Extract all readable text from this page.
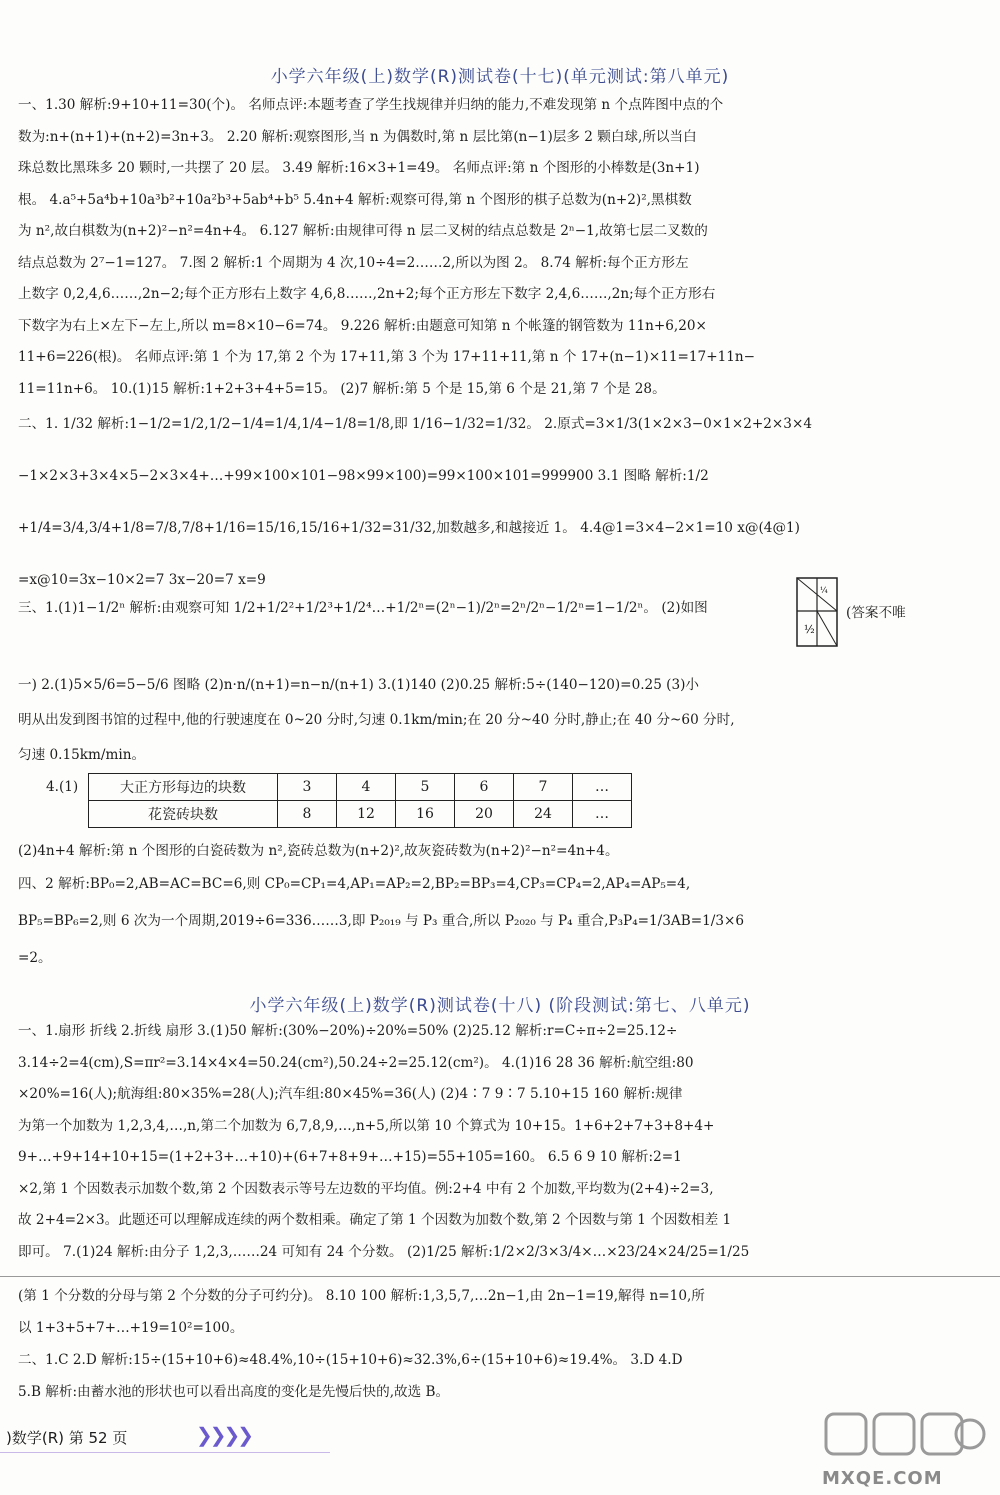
小学六年级(上)数学(R)测试卷(十七)(单元测试:第八单元)
一、1.30 解析:9+10+11=30(个)。 名师点评:本题考查了学生找规律并归纳的能力,不难发现第 n 个点阵图中点的个
数为:n+(n+1)+(n+2)=3n+3。 2.20 解析:观察图形,当 n 为偶数时,第 n 层比第(n−1)层多 2 颗白球,所以当白
珠总数比黑珠多 20 颗时,一共摆了 20 层。 3.49 解析:16×3+1=49。 名师点评:第 n 个图形的小棒数是(3n+1)
根。 4.a⁵+5a⁴b+10a³b²+10a²b³+5ab⁴+b⁵ 5.4n+4 解析:观察可得,第 n 个图形的棋子总数为(n+2)²,黑棋数
为 n²,故白棋数为(n+2)²−n²=4n+4。 6.127 解析:由规律可得 n 层二叉树的结点总数是 2ⁿ−1,故第七层二叉数的
结点总数为 2⁷−1=127。 7.图 2 解析:1 个周期为 4 次,10÷4=2……2,所以为图 2。 8.74 解析:每个正方形左
上数字 0,2,4,6……,2n−2;每个正方形右上数字 4,6,8……,2n+2;每个正方形左下数字 2,4,6……,2n;每个正方形右
下数字为右上×左下−左上,所以 m=8×10−6=74。 9.226 解析:由题意可知第 n 个帐篷的钢管数为 11n+6,20×
11+6=226(根)。 名师点评:第 1 个为 17,第 2 个为 17+11,第 3 个为 17+11+11,第 n 个 17+(n−1)×11=17+11n−
11=11n+6。 10.(1)15 解析:1+2+3+4+5=15。 (2)7 解析:第 5 个是 15,第 6 个是 21,第 7 个是 28。
二、1. 1/32 解析:1−1/2=1/2,1/2−1/4=1/4,1/4−1/8=1/8,即 1/16−1/32=1/32。 2.原式=3×1/3(1×2×3−0×1×2+2×3×4
−1×2×3+3×4×5−2×3×4+…+99×100×101−98×99×100)=99×100×101=999900 3.1 图略 解析:1/2
+1/4=3/4,3/4+1/8=7/8,7/8+1/16=15/16,15/16+1/32=31/32,加数越多,和越接近 1。 4.4@1=3×4−2×1=10 x@(4@1)
=x@10=3x−10×2=7 3x−20=7 x=9
三、1.(1)1−1/2ⁿ 解析:由观察可知 1/2+1/2²+1/2³+1/2⁴…+1/2ⁿ=(2ⁿ−1)/2ⁿ=2ⁿ/2ⁿ−1/2ⁿ=1−1/2ⁿ。 (2)如图
½
¼
(答案不唯
一) 2.(1)5×5/6=5−5/6 图略 (2)n·n/(n+1)=n−n/(n+1) 3.(1)140 (2)0.25 解析:5÷(140−120)=0.25 (3)小
明从出发到图书馆的过程中,他的行驶速度在 0~20 分时,匀速 0.1km/min;在 20 分~40 分时,静止;在 40 分~60 分时,
匀速 0.15km/min。
4.(1)	大正方形每边的块数	3	4	5	6	7	…
花瓷砖块数	8	12	16	20	24	…
(2)4n+4 解析:第 n 个图形的白瓷砖数为 n²,瓷砖总数为(n+2)²,故灰瓷砖数为(n+2)²−n²=4n+4。
四、2 解析:BP₀=2,AB=AC=BC=6,则 CP₀=CP₁=4,AP₁=AP₂=2,BP₂=BP₃=4,CP₃=CP₄=2,AP₄=AP₅=4,
BP₅=BP₆=2,则 6 次为一个周期,2019÷6=336……3,即 P₂₀₁₉ 与 P₃ 重合,所以 P₂₀₂₀ 与 P₄ 重合,P₃P₄=1/3AB=1/3×6
=2。
小学六年级(上)数学(R)测试卷(十八) (阶段测试:第七、八单元)
一、1.扇形 折线 2.折线 扇形 3.(1)50 解析:(30%−20%)÷20%=50% (2)25.12 解析:r=C÷π÷2=25.12÷
3.14÷2=4(cm),S=πr²=3.14×4×4=50.24(cm²),50.24÷2=25.12(cm²)。 4.(1)16 28 36 解析:航空组:80
×20%=16(人);航海组:80×35%=28(人);汽车组:80×45%=36(人) (2)4∶7 9∶7 5.10+15 160 解析:规律
为第一个加数为 1,2,3,4,…,n,第二个加数为 6,7,8,9,…,n+5,所以第 10 个算式为 10+15。1+6+2+7+3+8+4+
9+…+9+14+10+15=(1+2+3+…+10)+(6+7+8+9+…+15)=55+105=160。 6.5 6 9 10 解析:2=1
×2,第 1 个因数表示加数个数,第 2 个因数表示等号左边数的平均值。例:2+4 中有 2 个加数,平均数为(2+4)÷2=3,
故 2+4=2×3。此题还可以理解成连续的两个数相乘。确定了第 1 个因数为加数个数,第 2 个因数与第 1 个因数相差 1
即可。 7.(1)24 解析:由分子 1,2,3,……24 可知有 24 个分数。 (2)1/25 解析:1/2×2/3×3/4×…×23/24×24/25=1/25
(第 1 个分数的分母与第 2 个分数的分子可约分)。 8.10 100 解析:1,3,5,7,…2n−1,由 2n−1=19,解得 n=10,所
以 1+3+5+7+…+19=10²=100。
二、1.C 2.D 解析:15÷(15+10+6)≈48.4%,10÷(15+10+6)≈32.3%,6÷(15+10+6)≈19.4%。 3.D 4.D
5.B 解析:由蓄水池的形状也可以看出高度的变化是先慢后快的,故选 B。
)数学(R) 第 52 页	❯❯❯❯
MXQE.COM
